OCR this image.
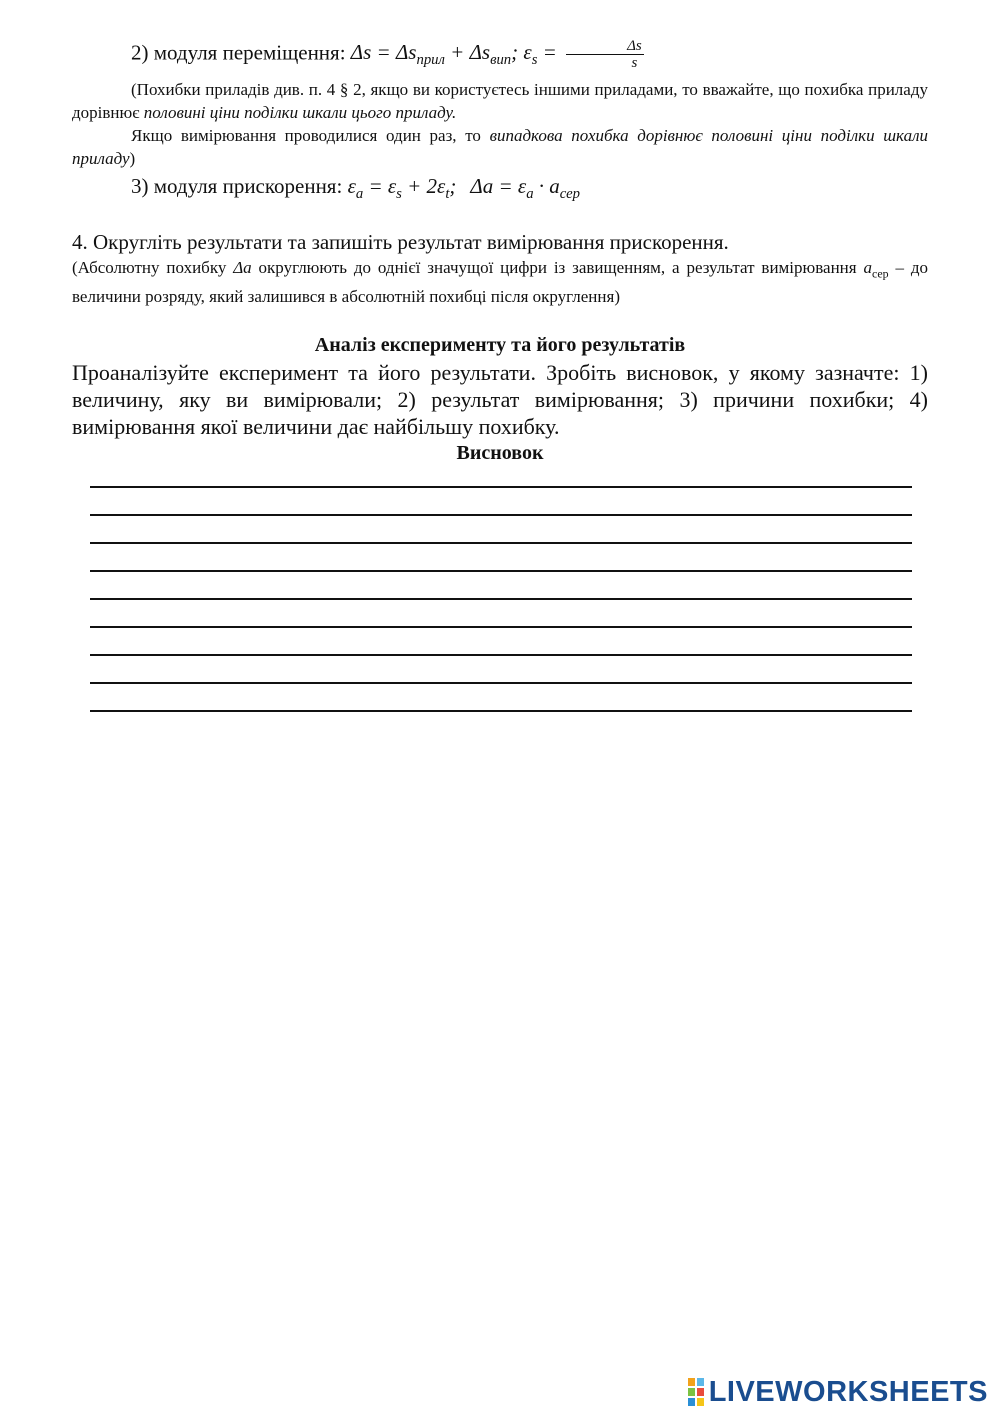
2) модуля переміщення: $\Delta s = \Delta s_{прил} + \Delta s_{вип}$; $\varepsilon_s = \frac{\Delta s}{s}$
(Похибки приладів див. п. 4 § 2, якщо ви користуєтесь іншими приладами, то вважайте, що похибка приладу дорівнює половині ціни поділки шкали цього приладу.
Якщо вимірювання проводилися один раз, то випадкова похибка дорівнює половині ціни поділки шкали приладу)
3) модуля прискорення: $\varepsilon_a = \varepsilon_s + 2\varepsilon_t$; $\Delta a = \varepsilon_a \cdot a_{сер}$
4. Округліть результати та запишіть результат вимірювання прискорення.
(Абсолютну похибку Δa округлюють до однієї значущої цифри із завищенням, а результат вимірювання $a_{сер}$ – до величини розряду, який залишився в абсолютній похибці після округлення)
Аналіз експерименту та його результатів
Проаналізуйте експеримент та його результати. Зробіть висновок, у якому зазначте: 1) величину, яку ви вимірювали; 2) результат вимірювання; 3) причини похибки; 4) вимірювання якої величини дає найбільшу похибку.
Висновок
LIVEWORKSHEETS
